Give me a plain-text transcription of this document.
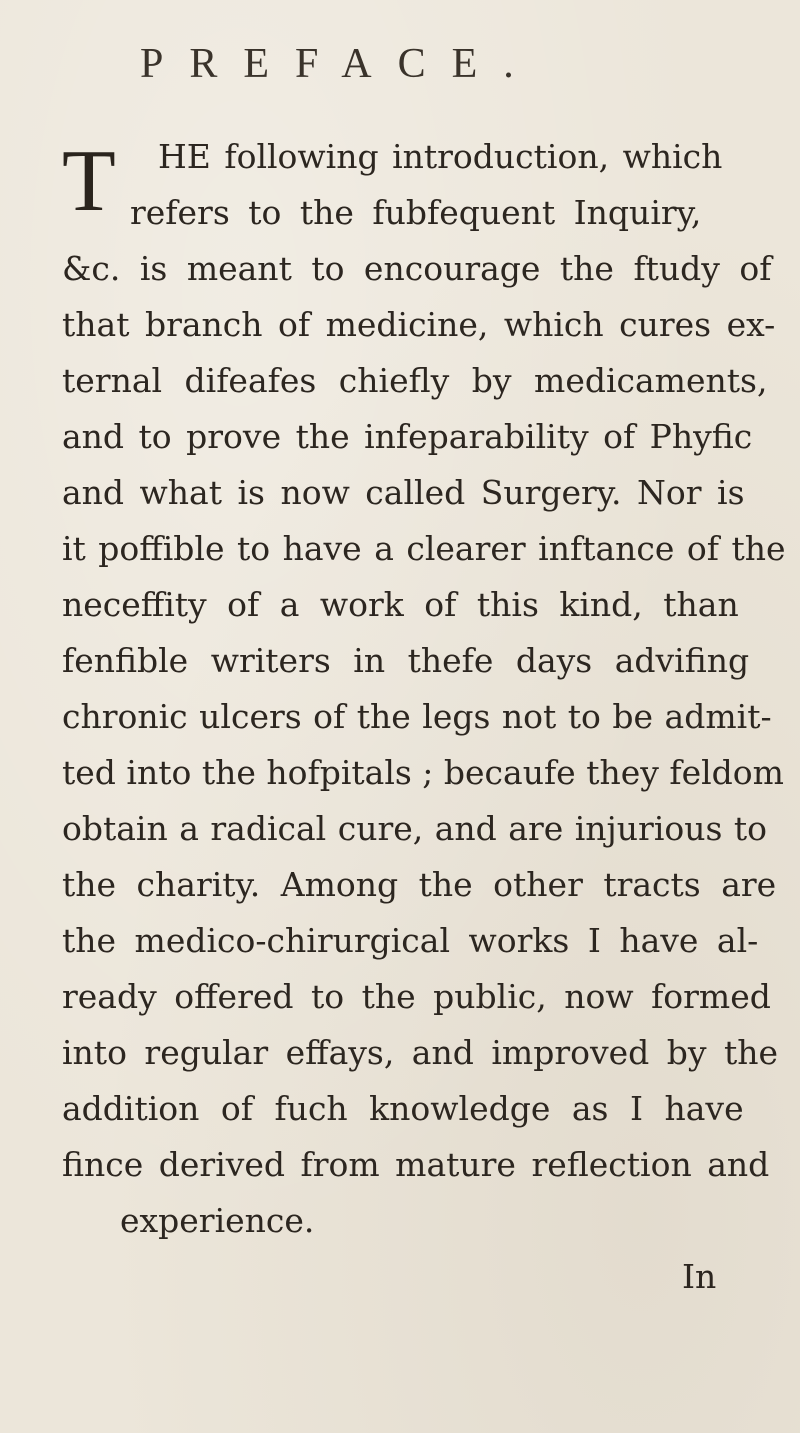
PREFACE.
T HE following introduction, which
refers to the fubfequent Inquiry,
&c. is meant to encourage the ftudy of
that branch of medicine, which cures ex-
ternal difeafes chiefly by medicaments,
and to prove the infeparability of Phyfic
and what is now called Surgery. Nor is
it poffible to have a clearer inftance of the
neceffity of a work of this kind, than
fenfible writers in thefe days advifing
chronic ulcers of the legs not to be admit-
ted into the hofpitals ; becaufe they feldom
obtain a radical cure, and are injurious to
the charity. Among the other tracts are
the medico-chirurgical works I have al-
ready offered to the public, now formed
into regular effays, and improved by the
addition of fuch knowledge as I have
fince derived from mature reflection and
experience.
In
